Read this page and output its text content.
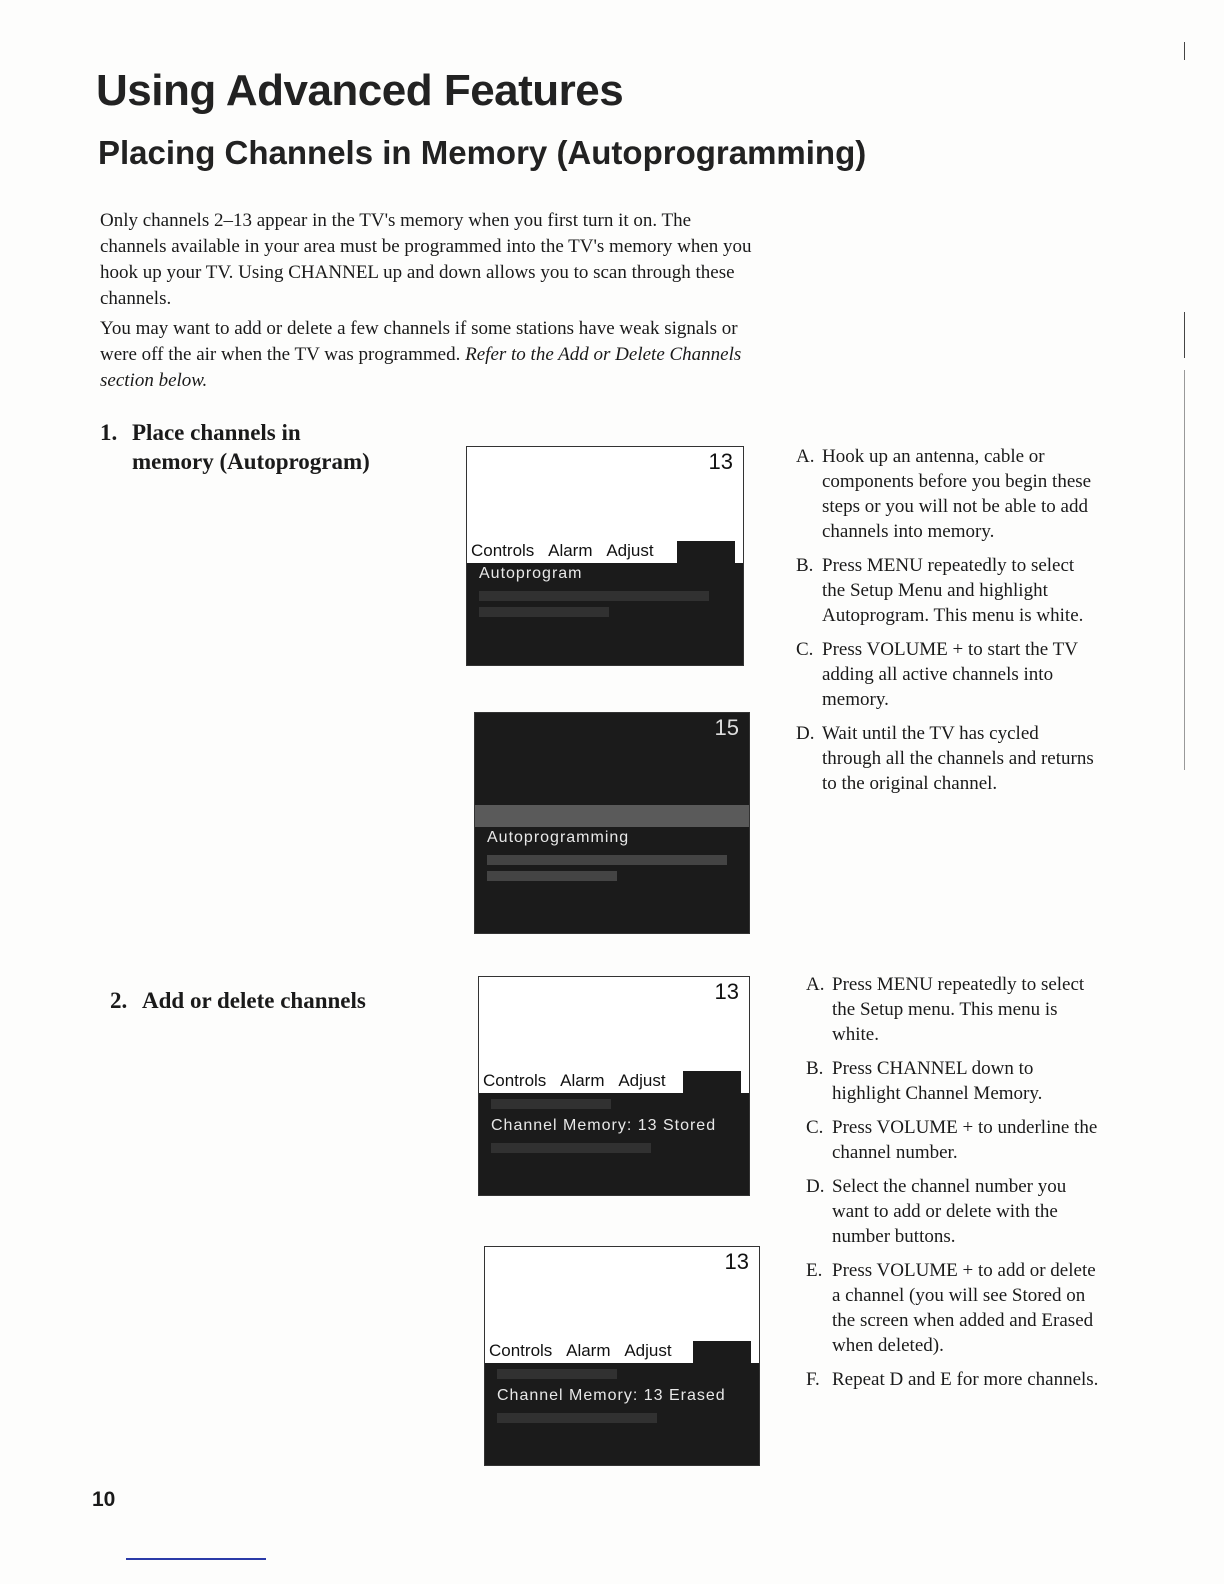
Using Advanced Features
Placing Channels in Memory (Autoprogramming)
Only channels 2–13 appear in the TV's memory when you first turn it on. The channels available in your area must be programmed into the TV's memory when you hook up your TV. Using CHANNEL up and down allows you to scan through these channels.
You may want to add or delete a few channels if some stations have weak signals or were off the air when the TV was programmed. Refer to the Add or Delete Channels section below.
1. Place channels in
memory (Autoprogram)	13
Controls Alarm Adjust
Autoprogram
15
Autoprogramming
A. Hook up an antenna, cable or components before you begin these steps or you will not be able to add channels into memory.
B. Press MENU repeatedly to select the Setup Menu and highlight Autoprogram. This menu is white.
C. Press VOLUME + to start the TV adding all active channels into memory.
D. Wait until the TV has cycled through all the channels and returns to the original channel.
2. Add or delete channels	13
Controls Alarm Adjust
Channel Memory: 13 Stored
13
Controls Alarm Adjust
Channel Memory: 13 Erased
A. Press MENU repeatedly to select the Setup menu. This menu is white.
B. Press CHANNEL down to highlight Channel Memory.
C. Press VOLUME + to underline the channel number.
D. Select the channel number you want to add or delete with the number buttons.
E. Press VOLUME + to add or delete a channel (you will see Stored on the screen when added and Erased when deleted).
F. Repeat D and E for more channels.
10
